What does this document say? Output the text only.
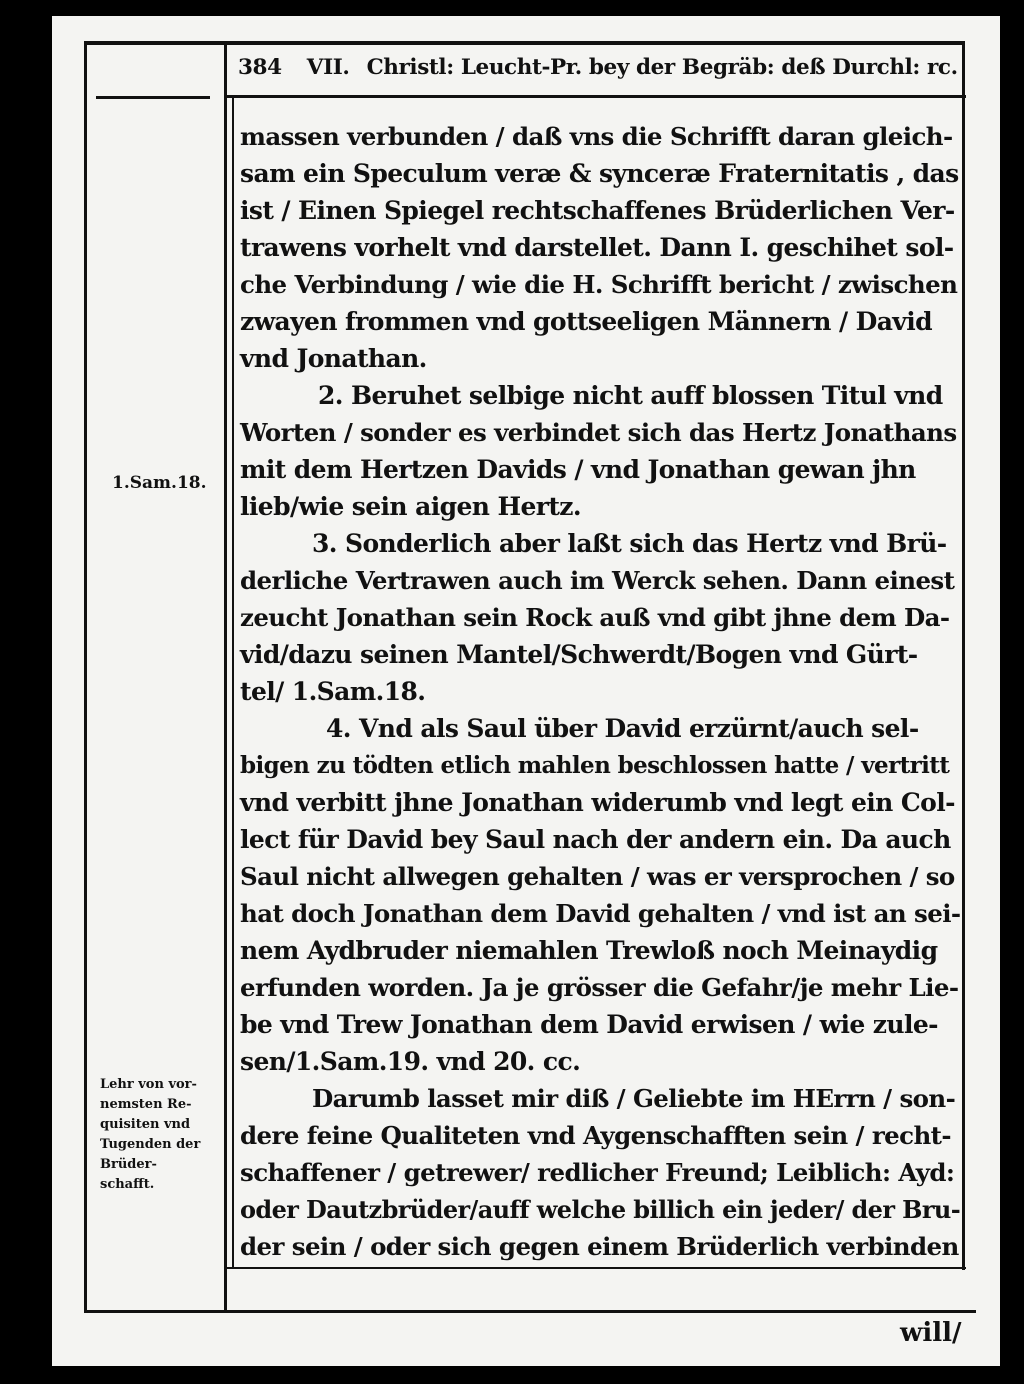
▸
384 VII. Christl: Leucht-Pr. bey der Begräb: deß Durchl: rc.
massen verbunden / daß vns die Schrifft daran gleich-
sam ein Speculum veræ & synceræ Fraternitatis , das
ist / Einen Spiegel rechtschaffenes Brüderlichen Ver-
trawens vorhelt vnd darstellet. Dann I. geschihet sol-
che Verbindung / wie die H. Schrifft bericht / zwischen
zwayen frommen vnd gottseeligen Männern / David
vnd Jonathan.
2. Beruhet selbige nicht auff blossen Titul vnd
Worten / sonder es verbindet sich das Hertz Jonathans
mit dem Hertzen Davids / vnd Jonathan gewan jhn
lieb/wie sein aigen Hertz.
3. Sonderlich aber laßt sich das Hertz vnd Brü-
derliche Vertrawen auch im Werck sehen. Dann einest
zeucht Jonathan sein Rock auß vnd gibt jhne dem Da-
vid/dazu seinen Mantel/Schwerdt/Bogen vnd Gürt-
tel/ 1.Sam.18.
4. Vnd als Saul über David erzürnt/auch sel-
bigen zu tödten etlich mahlen beschlossen hatte / vertritt
vnd verbitt jhne Jonathan widerumb vnd legt ein Col-
lect für David bey Saul nach der andern ein. Da auch
Saul nicht allwegen gehalten / was er versprochen / so
hat doch Jonathan dem David gehalten / vnd ist an sei-
nem Aydbruder niemahlen Trewloß noch Meinaydig
erfunden worden. Ja je grösser die Gefahr/je mehr Lie-
be vnd Trew Jonathan dem David erwisen / wie zule-
sen/1.Sam.19. vnd 20. cc.
Darumb lasset mir diß / Geliebte im HErrn / son-
dere feine Qualiteten vnd Aygenschafften sein / recht-
schaffener / getrewer/ redlicher Freund; Leiblich: Ayd:
oder Dautzbrüder/auff welche billich ein jeder/ der Bru-
der sein / oder sich gegen einem Brüderlich verbinden
1.Sam.18.
Lehr von vor-
nemsten Re-
quisiten vnd
Tugenden der
Brüder-
schafft.
will/
